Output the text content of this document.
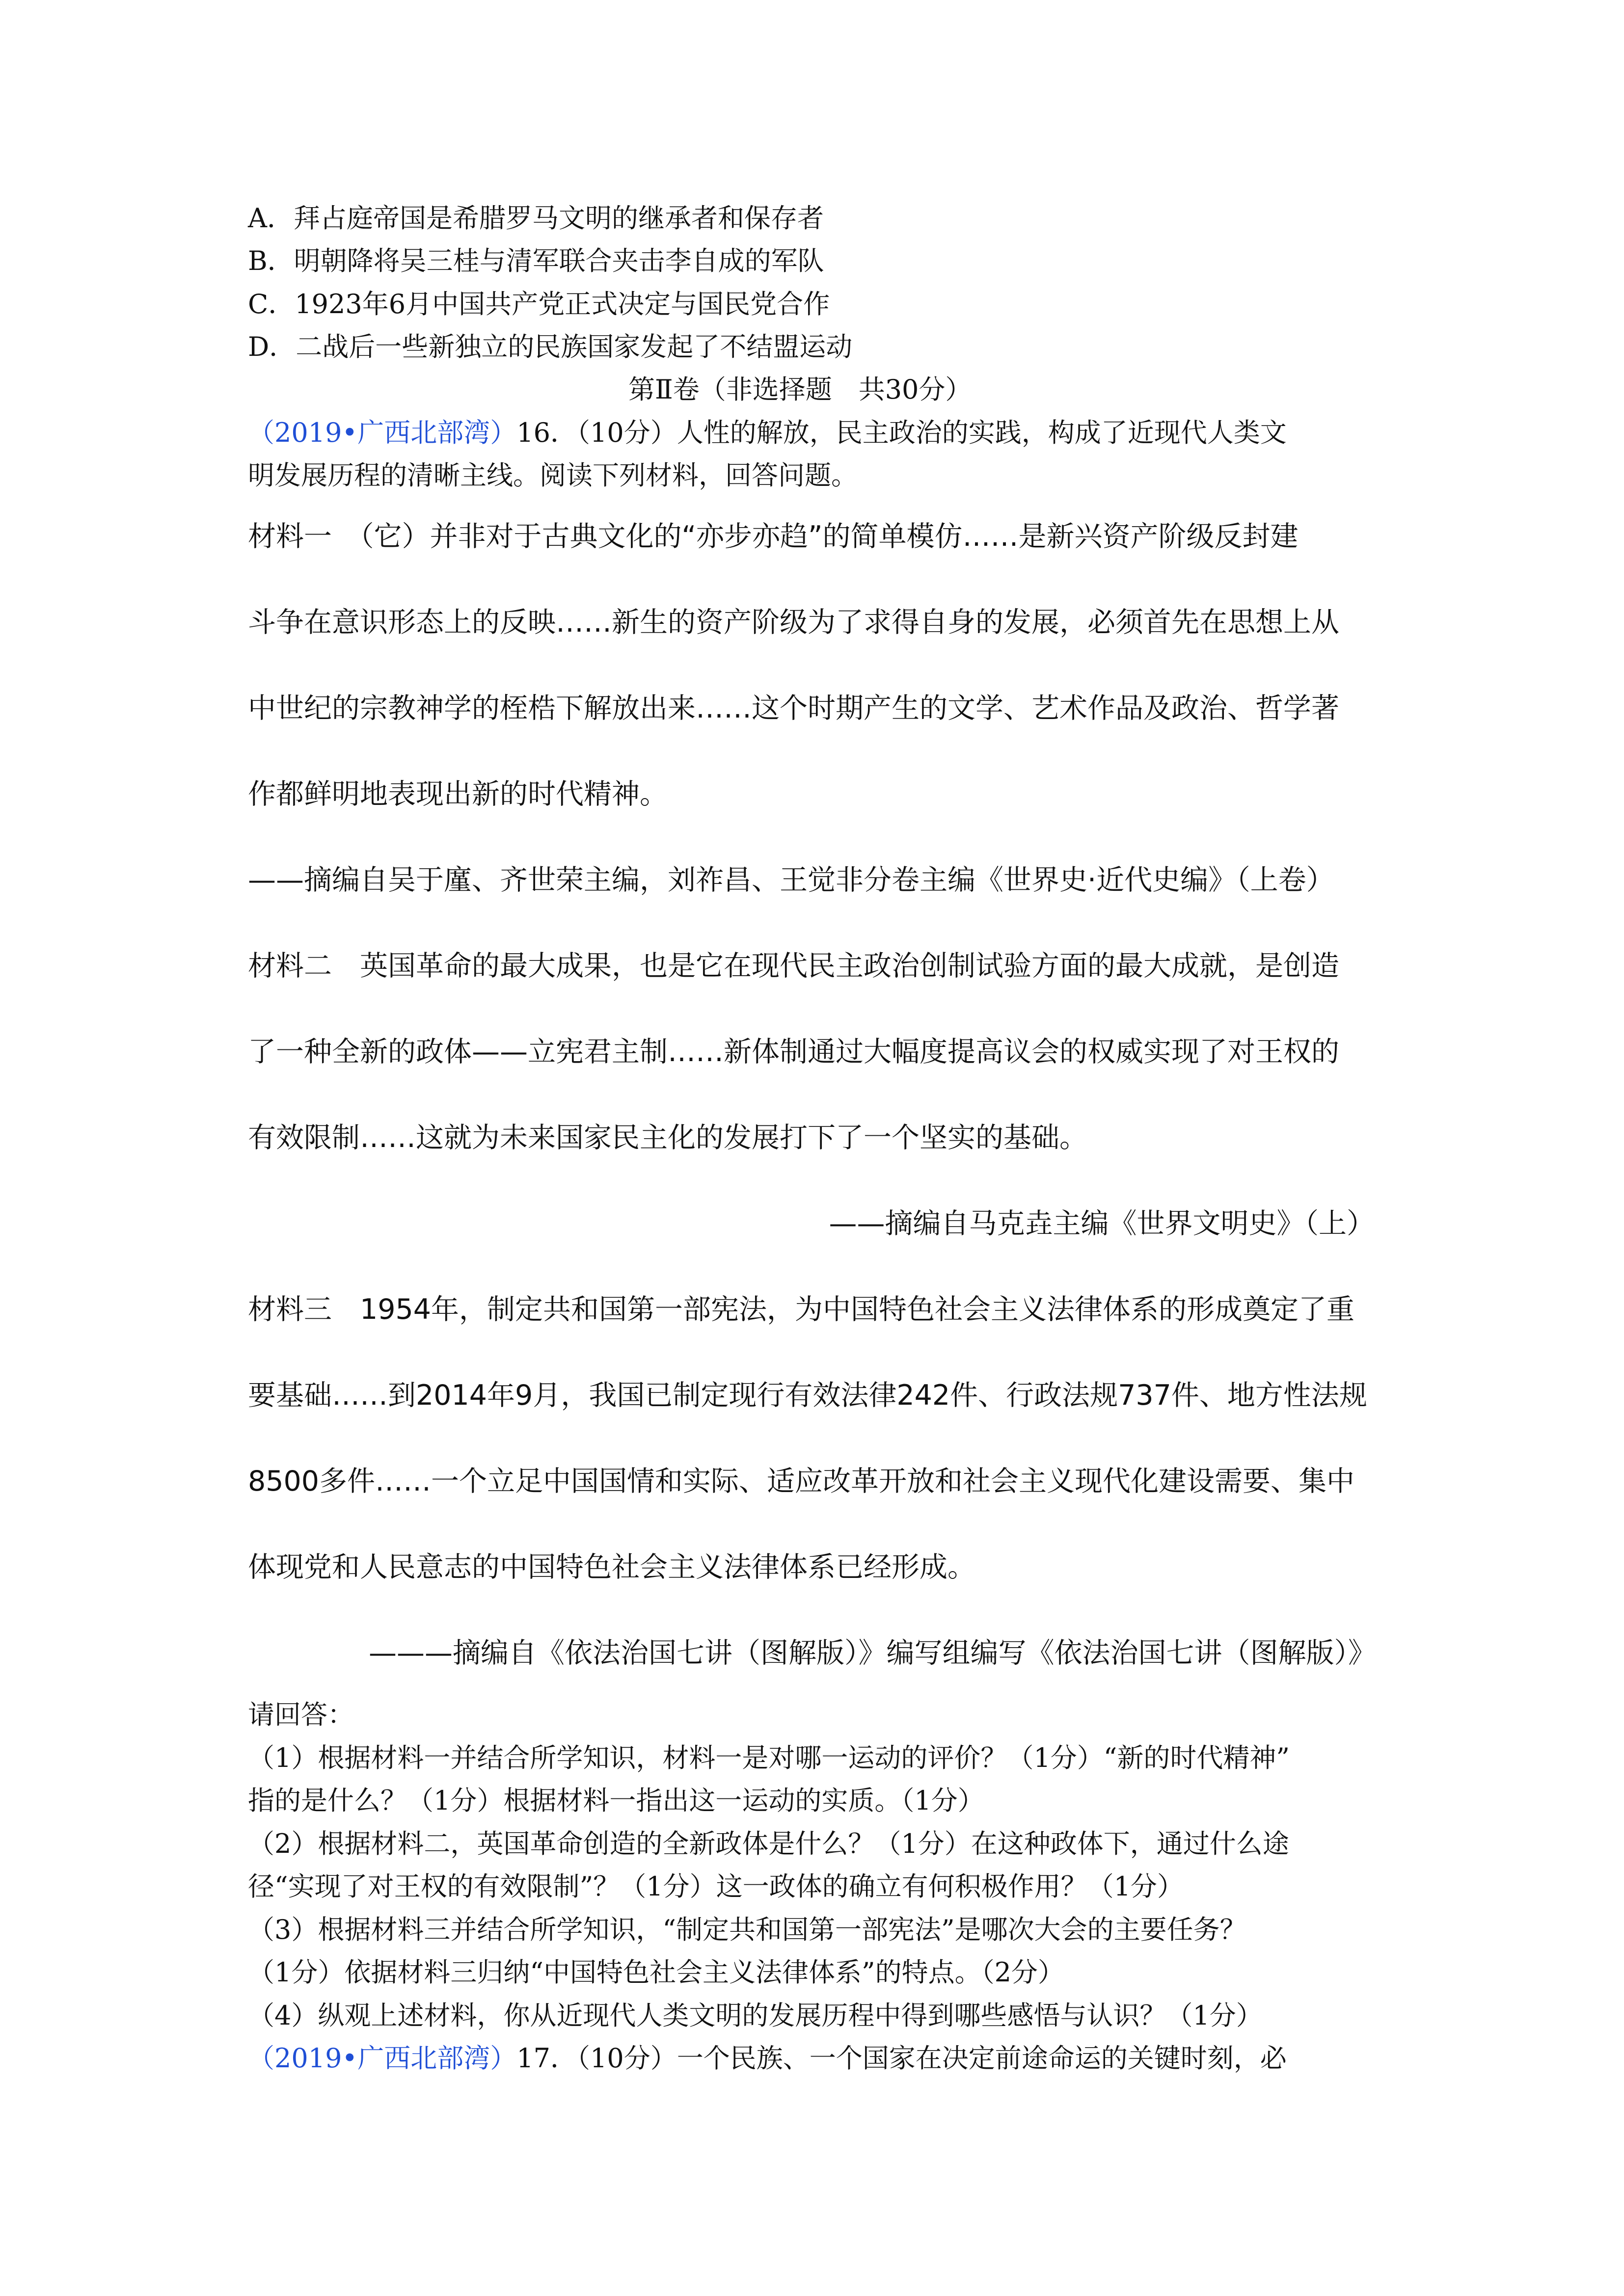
A．拜占庭帝国是希腊罗马文明的继承者和保存者
B．明朝降将吴三桂与清军联合夹击李自成的军队
C．1923年6月中国共产党正式决定与国民党合作
D．二战后一些新独立的民族国家发起了不结盟运动
第Ⅱ卷（非选择题　共30分）
（2019•广西北部湾）16．（10分）人性的解放，民主政治的实践，构成了近现代人类文
明发展历程的清晰主线。阅读下列材料，回答问题。
材料一　（它）并非对于古典文化的“亦步亦趋”的简单模仿……是新兴资产阶级反封建
斗争在意识形态上的反映……新生的资产阶级为了求得自身的发展，必须首先在思想上从
中世纪的宗教神学的桎梏下解放出来……这个时期产生的文学、艺术作品及政治、哲学著
作都鲜明地表现出新的时代精神。
——摘编自吴于廑、齐世荣主编，刘祚昌、王觉非分卷主编《世界史·近代史编》（上卷）
材料二　英国革命的最大成果，也是它在现代民主政治创制试验方面的最大成就，是创造
了一种全新的政体——立宪君主制……新体制通过大幅度提高议会的权威实现了对王权的
有效限制……这就为未来国家民主化的发展打下了一个坚实的基础。
——摘编自马克垚主编《世界文明史》（上）
材料三　1954年，制定共和国第一部宪法，为中国特色社会主义法律体系的形成奠定了重
要基础……到2014年9月，我国已制定现行有效法律242件、行政法规737件、地方性法规
8500多件……一个立足中国国情和实际、适应改革开放和社会主义现代化建设需要、集中
体现党和人民意志的中国特色社会主义法律体系已经形成。
———摘编自《依法治国七讲（图解版）》编写组编写《依法治国七讲（图解版）》
请回答：
（1）根据材料一并结合所学知识，材料一是对哪一运动的评价？（1分）“新的时代精神”
指的是什么？（1分）根据材料一指出这一运动的实质。（1分）
（2）根据材料二，英国革命创造的全新政体是什么？（1分）在这种政体下，通过什么途
径“实现了对王权的有效限制”？（1分）这一政体的确立有何积极作用？（1分）
（3）根据材料三并结合所学知识，“制定共和国第一部宪法”是哪次大会的主要任务？
（1分）依据材料三归纳“中国特色社会主义法律体系”的特点。（2分）
（4）纵观上述材料，你从近现代人类文明的发展历程中得到哪些感悟与认识？（1分）
（2019•广西北部湾）17．（10分）一个民族、一个国家在决定前途命运的关键时刻，必
